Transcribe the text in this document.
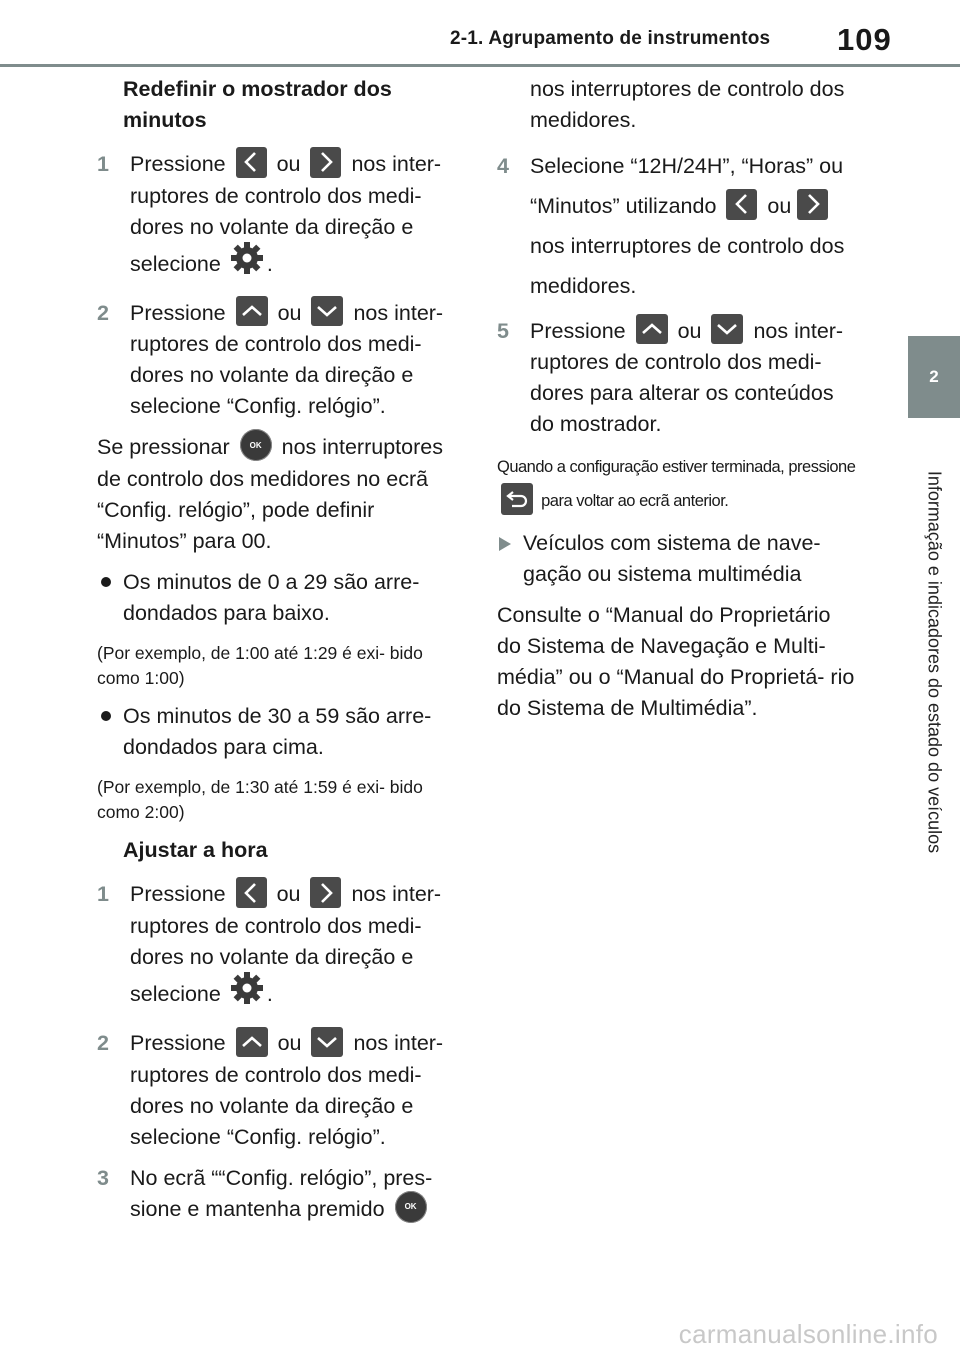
2-1. Agrupamento de instrumentos 109
2
Informação e indicadores do estado do veículos
Redefinir o mostrador dos minutos
1 Pressione ou nos inter- ruptores de controlo dos medi- dores no volante da direção e selecione .
2 Pressione ou nos inter- ruptores de controlo dos medi- dores no volante da direção e selecione “Config. relógio”.
Se pressionar OK nos interruptores de controlo dos medidores no ecrã “Config. relógio”, pode definir “Minutos” para 00.
Os minutos de 0 a 29 são arre- dondados para baixo.
(Por exemplo, de 1:00 até 1:29 é exi- bido como 1:00)
Os minutos de 30 a 59 são arre- dondados para cima.
(Por exemplo, de 1:30 até 1:59 é exi- bido como 2:00)
Ajustar a hora
1 Pressione ou nos inter- ruptores de controlo dos medi- dores no volante da direção e selecione .
2 Pressione ou nos inter- ruptores de controlo dos medi- dores no volante da direção e selecione “Config. relógio”.
3 No ecrã ““Config. relógio”, pres- sione e mantenha premido OK
nos interruptores de controlo dos medidores.
4 Selecione “12H/24H”, “Horas” ou “Minutos” utilizando ou
nos interruptores de controlo dos medidores.
5 Pressione ou nos inter- ruptores de controlo dos medi- dores para alterar os conteúdos do mostrador.
Quando a configuração estiver terminada, pressione
para voltar ao ecrã anterior.
Veículos com sistema de nave- gação ou sistema multimédia
Consulte o “Manual do Proprietário do Sistema de Navegação e Multi- média” ou o “Manual do Proprietá- rio do Sistema de Multimédia”.
carmanualsonline.info
